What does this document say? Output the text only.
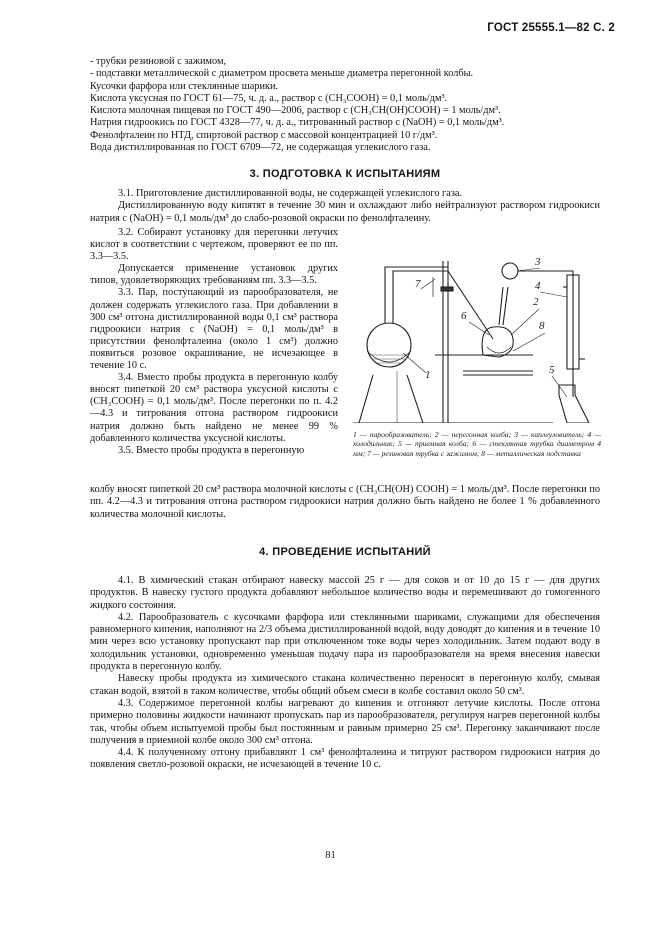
ГОСТ 25555.1—82 С. 2

- трубки резиновой с зажимом,

- подставки металлической с диаметром просвета меньше диаметра перегонной колбы.

Кусочки фарфора или стеклянные шарики.

Кислота уксусная по ГОСТ 61—75, ч. д. а., раствор c (CH₃COOH) = 0,1 моль/дм³.

Кислота молочная пищевая по ГОСТ 490—2006, раствор c (CH₃CH(OH)COOH) = 1 моль/дм³.

Натрия гидроокись по ГОСТ 4328—77, ч. д. а., титрованный раствор c (NaOH) = 0,1 моль/дм³.

Фенолфталеин по НТД, спиртовой раствор с массовой концентрацией 10 г/дм³.

Вода дистиллированная по ГОСТ 6709—72, не содержащая углекислого газа.

3. ПОДГОТОВКА К ИСПЫТАНИЯМ

3.1. Приготовление дистиллированной воды, не содержащей углекислого газа.

Дистиллированную воду кипятят в течение 30 мин и охлаждают либо нейтрализуют раствором гидроокиси натрия c (NaOH) = 0,1 моль/дм³ до слабо-розовой окраски по фенолфталеину.

3.2. Собирают установку для перегонки летучих кислот в соответствии с чертежом, проверяют ее по пп. 3.3—3.5.

Допускается применение установок других типов, удовлетворяющих требованиям пп. 3.3—3.5.

3.3. Пар, поступающий из парообразователя, не должен содержать углекислого газа. При добавлении в 300 см³ отгона дистиллированной воды 0,1 см³ раствора гидроокиси натрия c (NaOH) = 0,1 моль/дм³ в присутствии фенолфталеина (около 1 см³) должно появиться розовое окрашивание, не исчезающее в течение 10 с.

3.4. Вместо пробы продукта в перегонную колбу вносят пипеткой 20 см³ раствора уксусной кислоты c (CH₃COOH) = 0,1 моль/дм³. После перегонки по п. 4.2—4.3 и титрования отгона раствором гидроокиси натрия должно быть найдено не менее 99 % добавленного количества уксусной кислоты.

3.5. Вместо пробы продукта в перегонную

1
2
3
4
5
6
7
8
1 — парообразователь; 2 — перегонная колба; 3 — каплеуловитель; 4 — холодильник; 5 — приемная колба; 6 — стеклянная трубка диаметром 4 мм; 7 — резиновая трубка с зажимом; 8 — металлическая подставка

колбу вносят пипеткой 20 см³ раствора молочной кислоты c (CH₃CH(OH) COOH) = 1 моль/дм³. После перегонки по пп. 4.2—4.3 и титрования отгона раствором гидроокиси натрия должно быть найдено не более 1 % добавленного количества молочной кислоты.

4. ПРОВЕДЕНИЕ ИСПЫТАНИЙ

4.1. В химический стакан отбирают навеску массой 25 г — для соков и от 10 до 15 г — для других продуктов. В навеску густого продукта добавляют небольшое количество воды и перемешивают до гомогенного жидкого состояния.

4.2. Парообразователь с кусочками фарфора или стеклянными шариками, служащими для обеспечения равномерного кипения, наполняют на 2/3 объема дистиллированной водой, воду доводят до кипения и в течение 10 мин через всю установку пропускают пар при отключенном токе воды через холодильник. Затем подают воду в холодильник установки, одновременно уменьшая подачу пара из парообразователя на время внесения навески продукта в перегонную колбу.

Навеску пробы продукта из химического стакана количественно переносят в перегонную колбу, смывая стакан водой, взятой в таком количестве, чтобы общий объем смеси в колбе составил около 50 см³.

4.3. Содержимое перегонной колбы нагревают до кипения и отгоняют летучие кислоты. После отгона примерно половины жидкости начинают пропускать пар из парообразователя, регулируя нагрев перегонной колбы так, чтобы объем испытуемой пробы был постоянным и равным примерно 25 см³. Перегонку заканчивают после получения в приемной колбе около 300 см³ отгона.

4.4. К полученному отгону прибавляют 1 см³ фенолфталеина и титруют раствором гидроокиси натрия до появления светло-розовой окраски, не исчезающей в течение 10 с.

81
